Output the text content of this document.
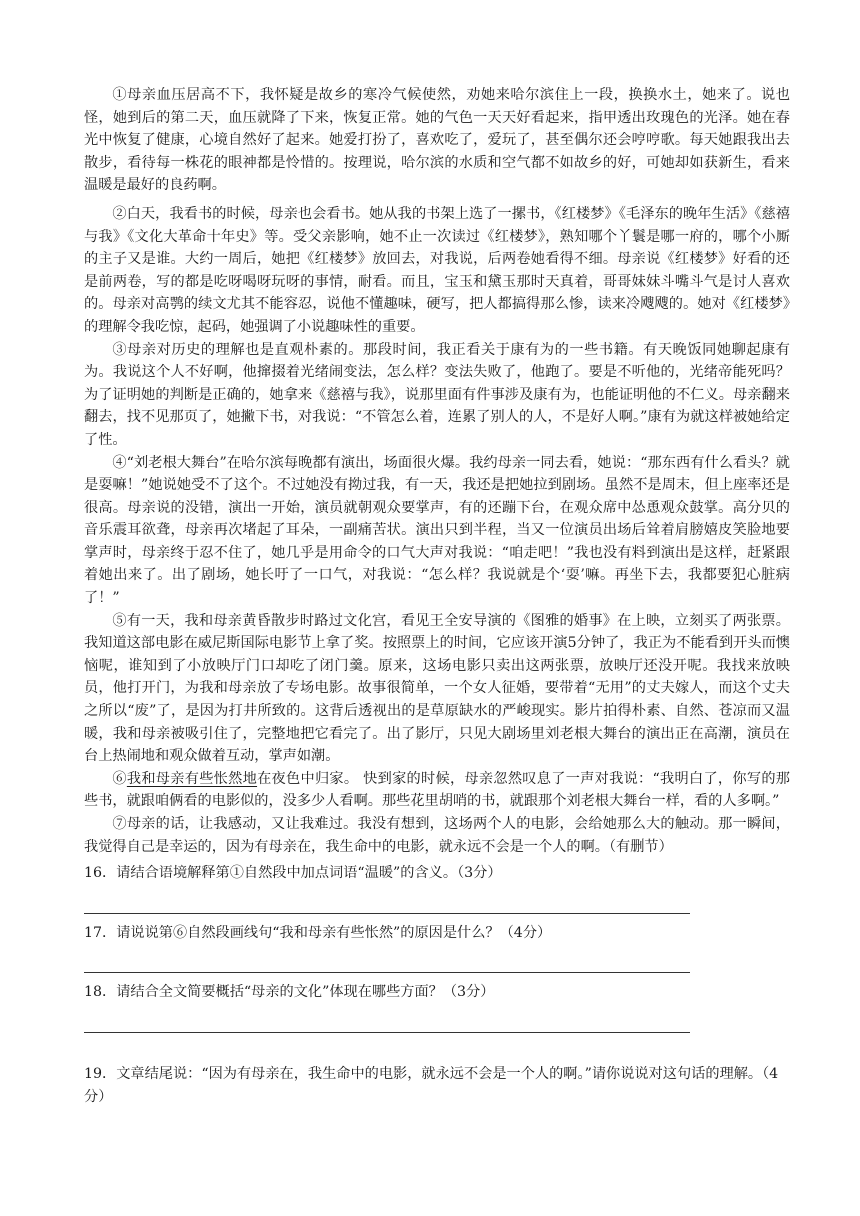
①母亲血压居高不下，我怀疑是故乡的寒冷气候使然，劝她来哈尔滨住上一段，换换水土，她来了。说也怪，她到后的第二天，血压就降了下来，恢复正常。她的气色一天天好看起来，指甲透出玫瑰色的光泽。她在春光中恢复了健康，心境自然好了起来。她爱打扮了，喜欢吃了，爱玩了，甚至偶尔还会哼哼歌。每天她跟我出去散步，看待每一株花的眼神都是怜惜的。按理说，哈尔滨的水质和空气都不如故乡的好，可她却如获新生，看来温暖是最好的良药啊。

②白天，我看书的时候，母亲也会看书。她从我的书架上选了一摞书，《红楼梦》《毛泽东的晚年生活》《慈禧与我》《文化大革命十年史》等。受父亲影响，她不止一次读过《红楼梦》，熟知哪个丫鬟是哪一府的，哪个小厮的主子又是谁。大约一周后，她把《红楼梦》放回去，对我说，后两卷她看得不细。母亲说《红楼梦》好看的还是前两卷，写的都是吃呀喝呀玩呀的事情，耐看。而且，宝玉和黛玉那时天真着，哥哥妹妹斗嘴斗气是讨人喜欢的。母亲对高鹗的续文尤其不能容忍，说他不懂趣味，硬写，把人都搞得那么惨，读来冷飕飕的。她对《红楼梦》的理解令我吃惊，起码，她强调了小说趣味性的重要。

③母亲对历史的理解也是直观朴素的。那段时间，我正看关于康有为的一些书籍。有天晚饭同她聊起康有为。我说这个人不好啊，他撺掇着光绪闹变法，怎么样？变法失败了，他跑了。要是不听他的，光绪帝能死吗？为了证明她的判断是正确的，她拿来《慈禧与我》，说那里面有件事涉及康有为，也能证明他的不仁义。母亲翻来翻去，找不见那页了，她撇下书，对我说：“不管怎么着，连累了别人的人，不是好人啊。”康有为就这样被她给定了性。

④“刘老根大舞台”在哈尔滨每晚都有演出，场面很火爆。我约母亲一同去看，她说：“那东西有什么看头？就是耍嘛！”她说她受不了这个。不过她没有拗过我，有一天，我还是把她拉到剧场。虽然不是周末，但上座率还是很高。母亲说的没错，演出一开始，演员就朝观众要掌声，有的还蹦下台，在观众席中怂恿观众鼓掌。高分贝的音乐震耳欲聋，母亲再次堵起了耳朵，一副痛苦状。演出只到半程，当又一位演员出场后耸着肩膀嬉皮笑脸地要掌声时，母亲终于忍不住了，她几乎是用命令的口气大声对我说：“咱走吧！”我也没有料到演出是这样，赶紧跟着她出来了。出了剧场，她长吁了一口气，对我说：“怎么样？我说就是个‘耍’嘛。再坐下去，我都要犯心脏病了！”

⑤有一天，我和母亲黄昏散步时路过文化宫，看见王全安导演的《图雅的婚事》在上映，立刻买了两张票。我知道这部电影在威尼斯国际电影节上拿了奖。按照票上的时间，它应该开演5分钟了，我正为不能看到开头而懊恼呢，谁知到了小放映厅门口却吃了闭门羹。原来，这场电影只卖出这两张票，放映厅还没开呢。我找来放映员，他打开门，为我和母亲放了专场电影。故事很简单，一个女人征婚，要带着“无用”的丈夫嫁人，而这个丈夫之所以“废”了，是因为打井所致的。这背后透视出的是草原缺水的严峻现实。影片拍得朴素、自然、苍凉而又温暖，我和母亲被吸引住了，完整地把它看完了。出了影厅，只见大剧场里刘老根大舞台的演出正在高潮，演员在台上热闹地和观众做着互动，掌声如潮。

⑥我和母亲有些怅然地在夜色中归家。 快到家的时候，母亲忽然叹息了一声对我说：“我明白了，你写的那些书，就跟咱俩看的电影似的，没多少人看啊。那些花里胡哨的书，就跟那个刘老根大舞台一样，看的人多啊。”

⑦母亲的话，让我感动，又让我难过。我没有想到，这场两个人的电影，会给她那么大的触动。那一瞬间，我觉得自己是幸运的，因为有母亲在，我生命中的电影，就永远不会是一个人的啊。（有删节）

16．请结合语境解释第①自然段中加点词语“温暖”的含义。（3分）

17．请说说第⑥自然段画线句“我和母亲有些怅然”的原因是什么？（4分）

18．请结合全文简要概括“母亲的文化”体现在哪些方面？（3分）

19．文章结尾说：“因为有母亲在，我生命中的电影，就永远不会是一个人的啊。”请你说说对这句话的理解。（4分）
